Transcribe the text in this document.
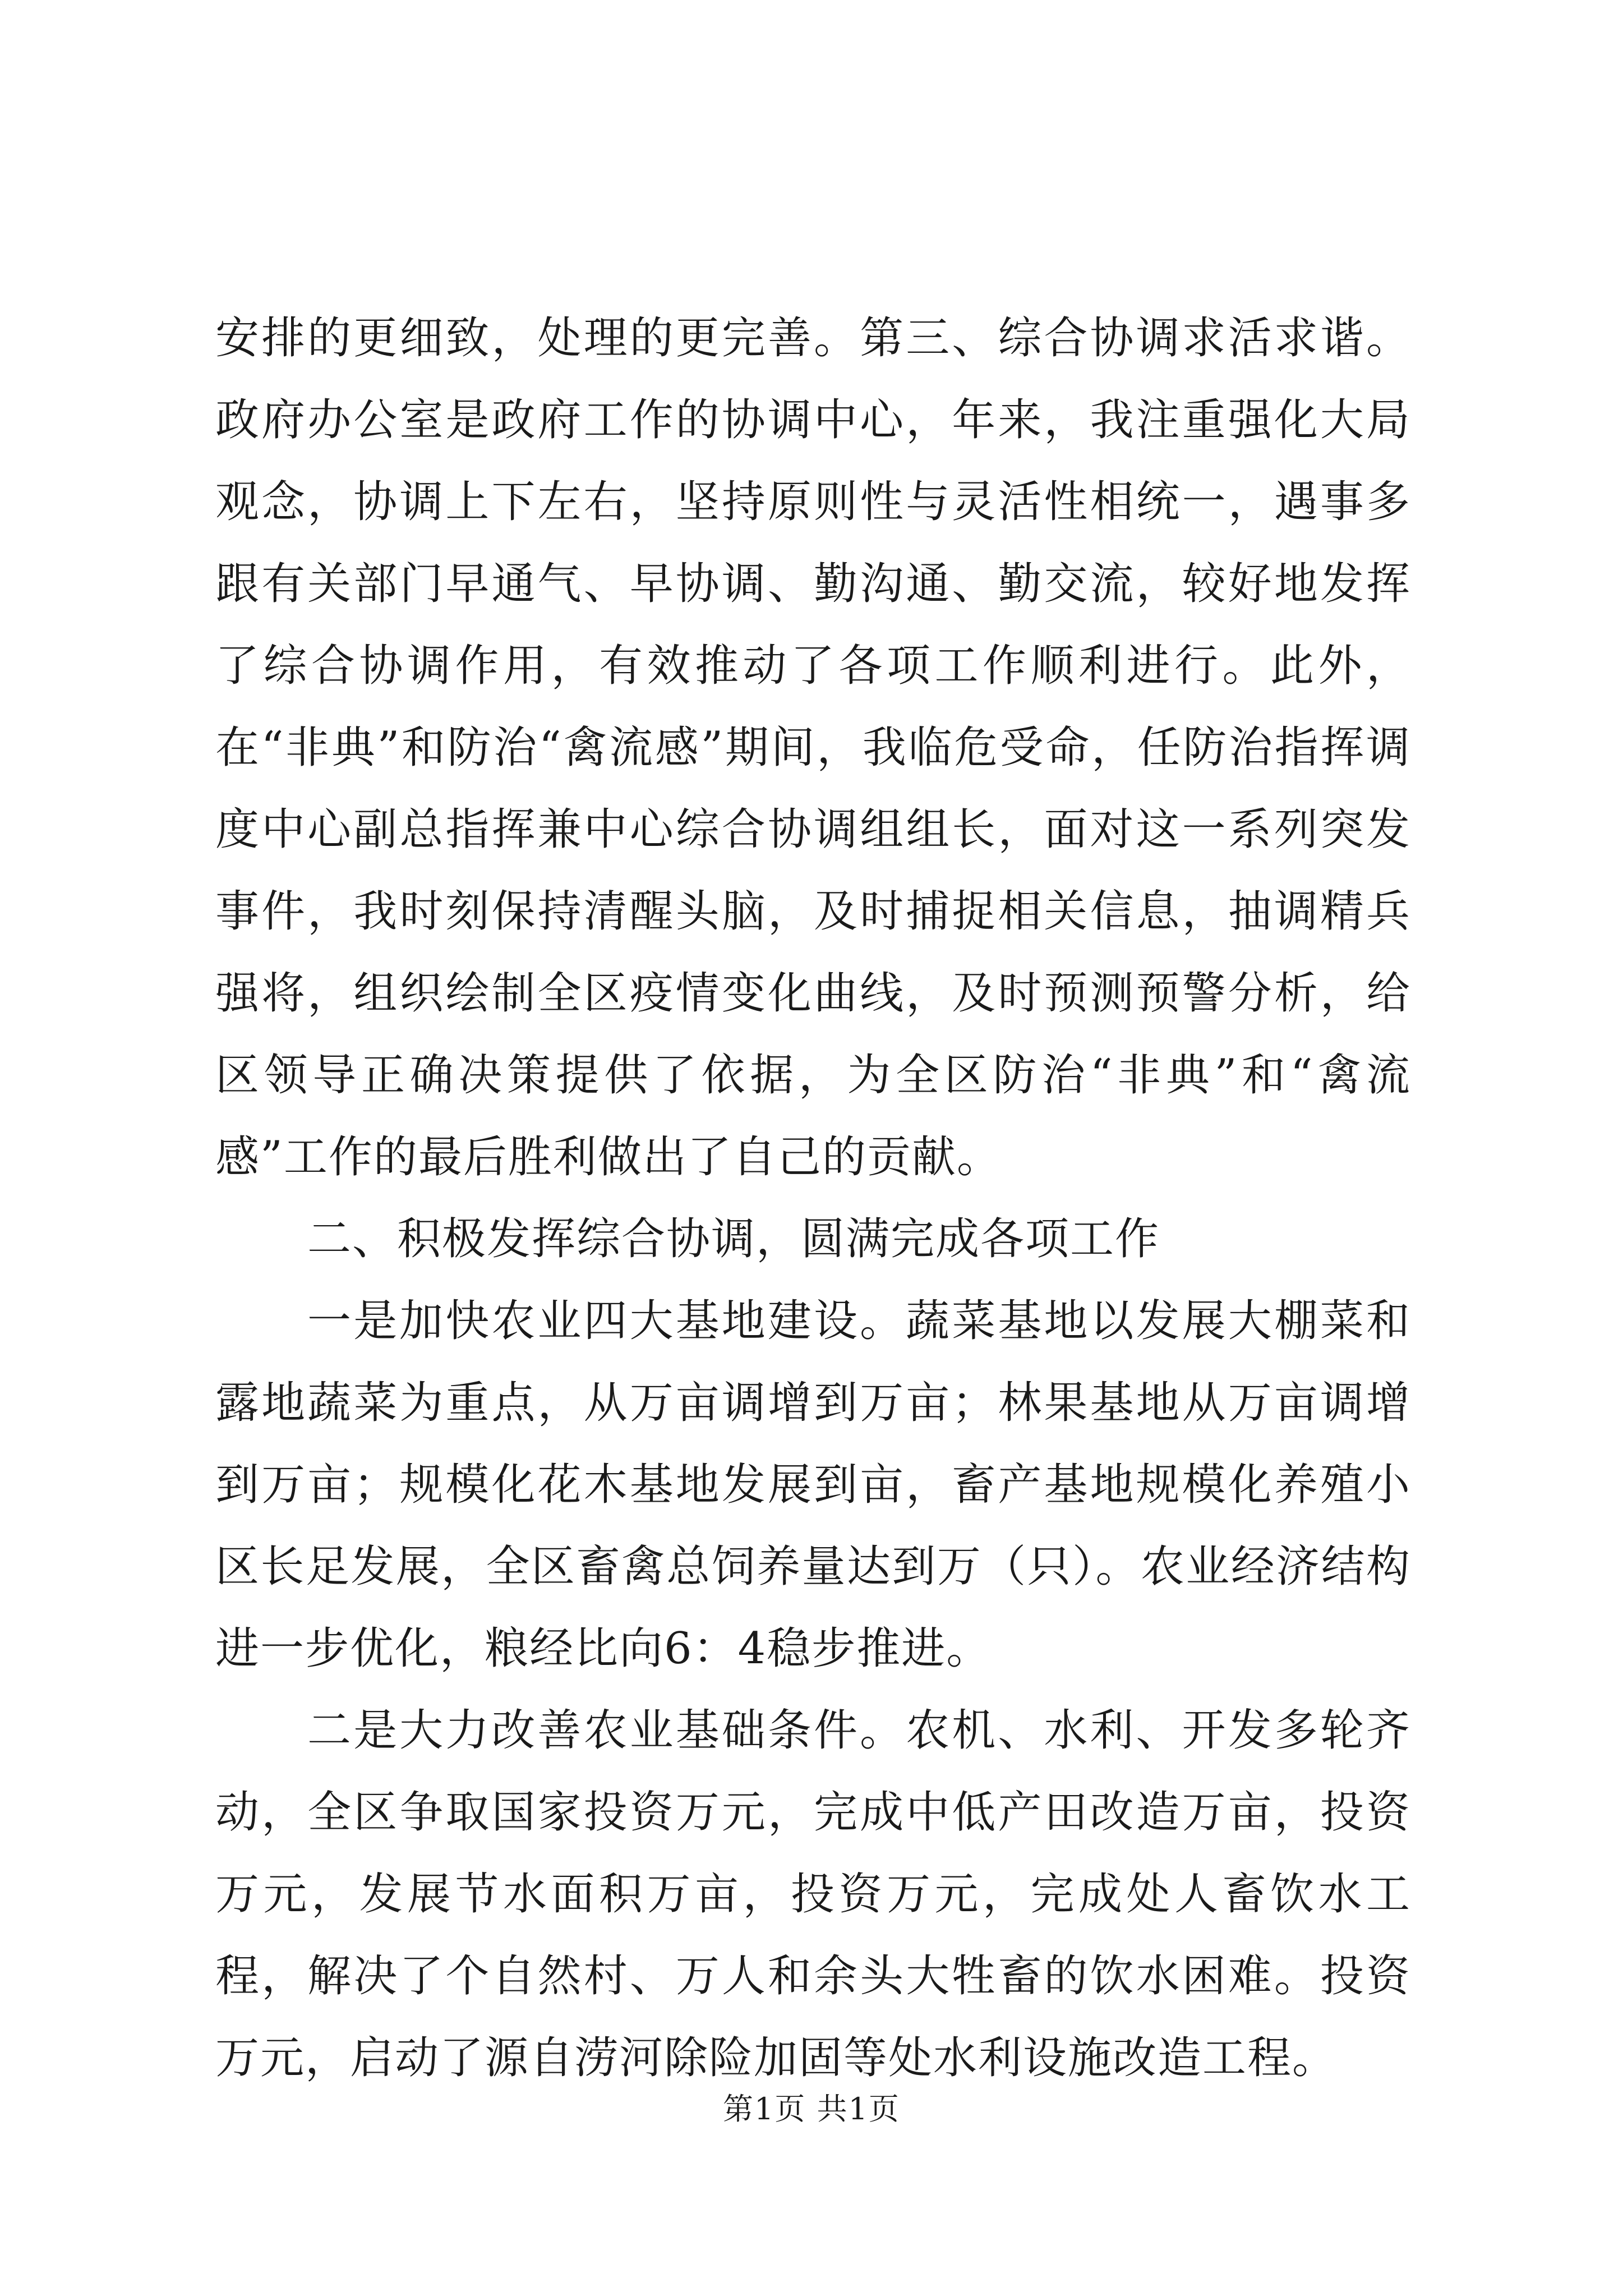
安排的更细致，处理的更完善。第三、综合协调求活求谐。政府办公室是政府工作的协调中心，年来，我注重强化大局观念，协调上下左右，坚持原则性与灵活性相统一，遇事多跟有关部门早通气、早协调、勤沟通、勤交流，较好地发挥了综合协调作用，有效推动了各项工作顺利进行。此外，在“非典”和防治“禽流感”期间，我临危受命，任防治指挥调度中心副总指挥兼中心综合协调组组长，面对这一系列突发事件，我时刻保持清醒头脑，及时捕捉相关信息，抽调精兵强将，组织绘制全区疫情变化曲线，及时预测预警分析，给区领导正确决策提供了依据，为全区防治“非典”和“禽流感”工作的最后胜利做出了自己的贡献。

二、积极发挥综合协调，圆满完成各项工作

一是加快农业四大基地建设。蔬菜基地以发展大棚菜和露地蔬菜为重点，从万亩调增到万亩；林果基地从万亩调增到万亩；规模化花木基地发展到亩，畜产基地规模化养殖小区长足发展，全区畜禽总饲养量达到万（只）。农业经济结构进一步优化，粮经比向6：4稳步推进。

二是大力改善农业基础条件。农机、水利、开发多轮齐动，全区争取国家投资万元，完成中低产田改造万亩，投资万元，发展节水面积万亩，投资万元，完成处人畜饮水工程，解决了个自然村、万人和余头大牲畜的饮水困难。投资万元，启动了源自涝河除险加固等处水利设施改造工程。

第1页 共1页
